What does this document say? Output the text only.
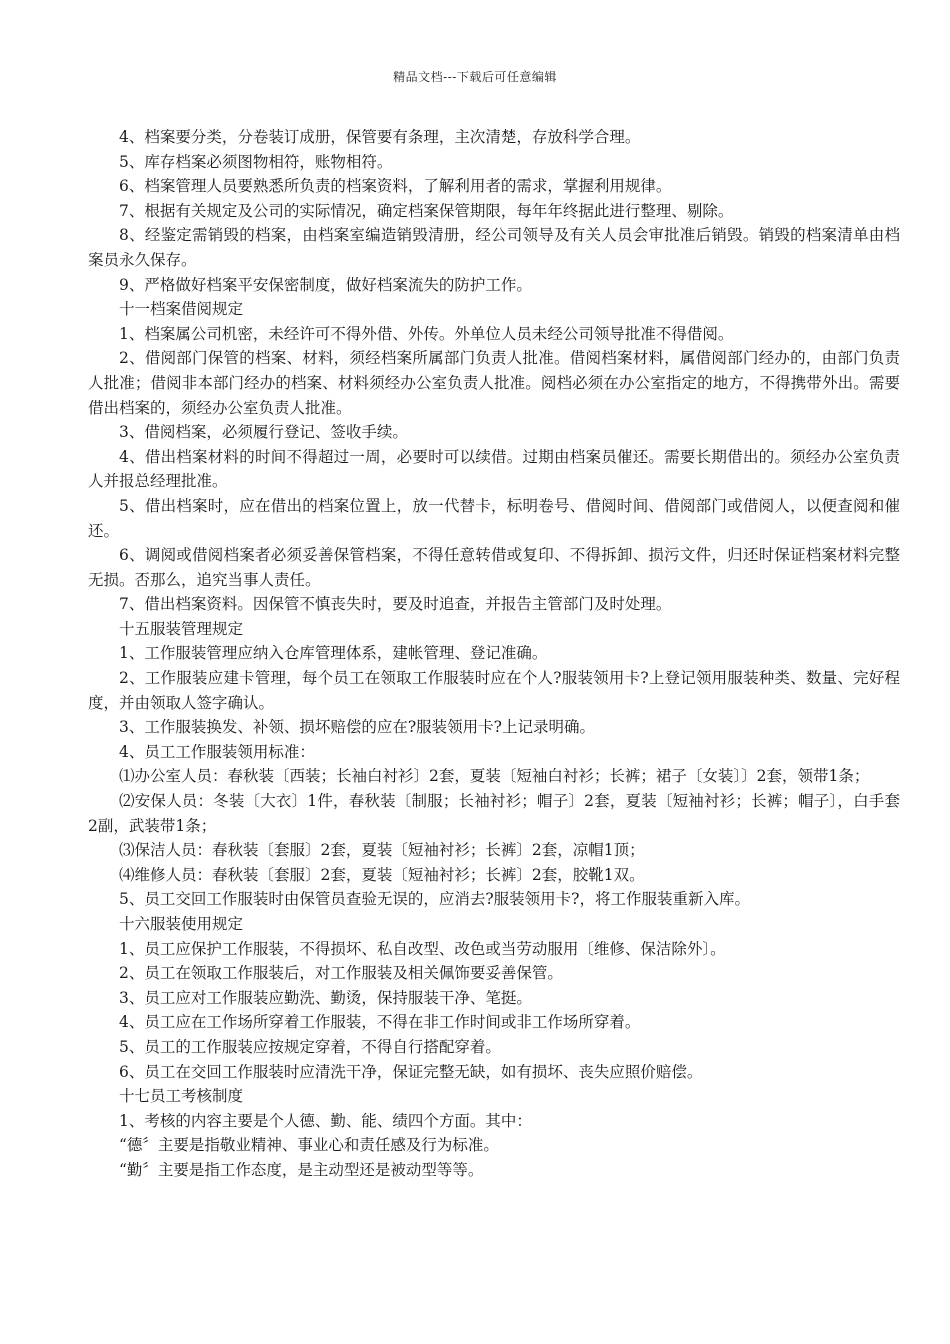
精品文档---下载后可任意编辑

4、档案要分类，分卷装订成册，保管要有条理，主次清楚，存放科学合理。

5、库存档案必须图物相符，账物相符。

6、档案管理人员要熟悉所负责的档案资料，了解利用者的需求，掌握利用规律。

7、根据有关规定及公司的实际情况，确定档案保管期限，每年年终据此进行整理、剔除。

8、经鉴定需销毁的档案，由档案室编造销毁清册，经公司领导及有关人员会审批准后销毁。销毁的档案清单由档案员永久保存。

9、严格做好档案平安保密制度，做好档案流失的防护工作。

十一档案借阅规定

1、档案属公司机密，未经许可不得外借、外传。外单位人员未经公司领导批准不得借阅。

2、借阅部门保管的档案、材料，须经档案所属部门负责人批准。借阅档案材料，属借阅部门经办的，由部门负责人批准；借阅非本部门经办的档案、材料须经办公室负责人批准。阅档必须在办公室指定的地方，不得携带外出。需要借出档案的，须经办公室负责人批准。

3、借阅档案，必须履行登记、签收手续。

4、借出档案材料的时间不得超过一周，必要时可以续借。过期由档案员催还。需要长期借出的。须经办公室负责人并报总经理批准。

5、借出档案时，应在借出的档案位置上，放一代替卡，标明卷号、借阅时间、借阅部门或借阅人，以便查阅和催还。

6、调阅或借阅档案者必须妥善保管档案，不得任意转借或复印、不得拆卸、损污文件，归还时保证档案材料完整无损。否那么，追究当事人责任。

7、借出档案资料。因保管不慎丧失时，要及时追查，并报告主管部门及时处理。

十五服装管理规定

1、工作服装管理应纳入仓库管理体系，建帐管理、登记准确。

2、工作服装应建卡管理，每个员工在领取工作服装时应在个人?服装领用卡?上登记领用服装种类、数量、完好程度，并由领取人签字确认。

3、工作服装换发、补领、损坏赔偿的应在?服装领用卡?上记录明确。

4、员工工作服装领用标准：

⑴办公室人员：春秋装〔西装；长袖白衬衫〕2套，夏装〔短袖白衬衫；长裤；裙子〔女装〕〕2套，领带1条；

⑵安保人员：冬装〔大衣〕1件，春秋装〔制服；长袖衬衫；帽子〕2套，夏装〔短袖衬衫；长裤；帽子〕，白手套2副，武装带1条；

⑶保洁人员：春秋装〔套服〕2套，夏装〔短袖衬衫；长裤〕2套，凉帽1顶；

⑷维修人员：春秋装〔套服〕2套，夏装〔短袖衬衫；长裤〕2套，胶靴1双。

5、员工交回工作服装时由保管员查验无误的，应消去?服装领用卡?，将工作服装重新入库。

十六服装使用规定

1、员工应保护工作服装，不得损坏、私自改型、改色或当劳动服用〔维修、保洁除外〕。

2、员工在领取工作服装后，对工作服装及相关佩饰要妥善保管。

3、员工应对工作服装应勤洗、勤烫，保持服装干净、笔挺。

4、员工应在工作场所穿着工作服装，不得在非工作时间或非工作场所穿着。

5、员工的工作服装应按规定穿着，不得自行搭配穿着。

6、员工在交回工作服装时应清洗干净，保证完整无缺，如有损坏、丧失应照价赔偿。

十七员工考核制度

1、考核的内容主要是个人德、勤、能、绩四个方面。其中：

“德〞主要是指敬业精神、事业心和责任感及行为标准。

“勤〞主要是指工作态度，是主动型还是被动型等等。
